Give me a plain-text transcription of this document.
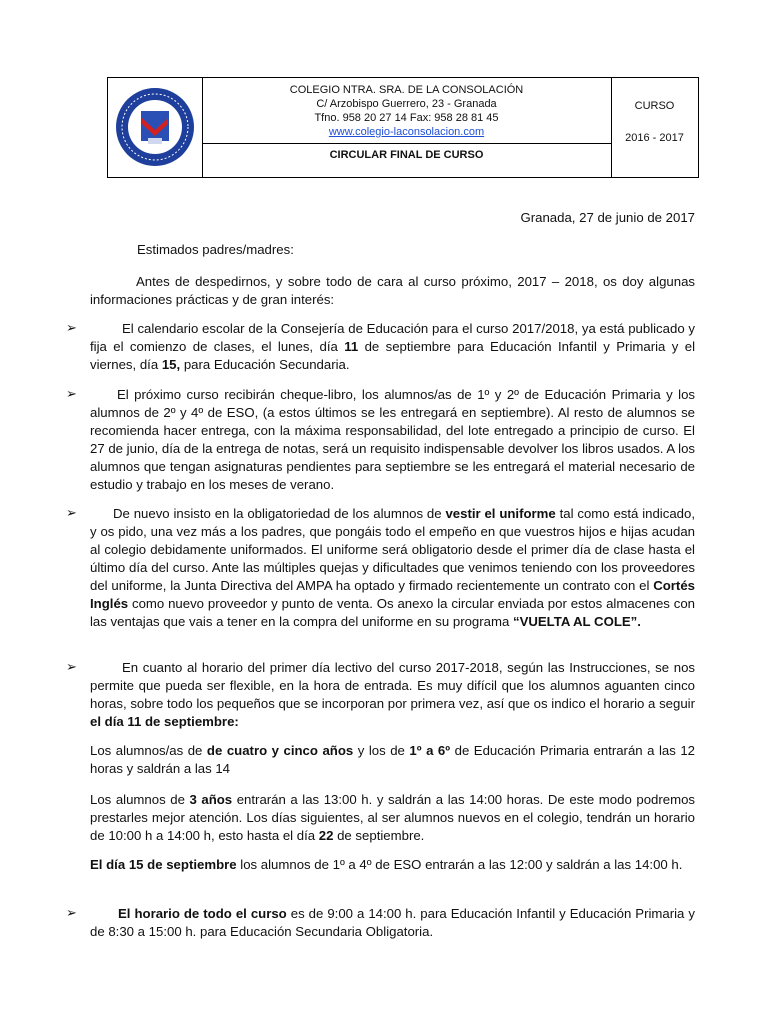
COLEGIO NTRA. SRA. DE LA CONSOLACIÓN
C/ Arzobispo Guerrero, 23 - Granada
Tfno. 958 20 27 14 Fax: 958 28 81 45
www.colegio-laconsolacion.com
CIRCULAR FINAL DE CURSO
CURSO
2016 - 2017
Granada, 27 de junio de 2017
Estimados padres/madres:
Antes de despedirnos, y sobre todo de cara al curso próximo, 2017 – 2018, os doy algunas informaciones prácticas y de gran interés:
➢	El calendario escolar de la Consejería de Educación para el curso 2017/2018, ya está publicado y fija el comienzo de clases, el lunes, día 11 de septiembre para Educación Infantil y Primaria y el viernes, día 15, para Educación Secundaria.
➢	El próximo curso recibirán cheque-libro, los alumnos/as de 1º y 2º de Educación Primaria y los alumnos de 2º y 4º de ESO, (a estos últimos se les entregará en septiembre). Al resto de alumnos se recomienda hacer entrega, con la máxima responsabilidad, del lote entregado a principio de curso. El 27 de junio, día de la entrega de notas, será un requisito indispensable devolver los libros usados. A los alumnos que tengan asignaturas pendientes para septiembre se les entregará el material necesario de estudio y trabajo en los meses de verano.
➢	De nuevo insisto en la obligatoriedad de los alumnos de vestir el uniforme tal como está indicado, y os pido, una vez más a los padres, que pongáis todo el empeño en que vuestros hijos e hijas acudan al colegio debidamente uniformados. El uniforme será obligatorio desde el primer día de clase hasta el último día del curso. Ante las múltiples quejas y dificultades que venimos teniendo con los proveedores del uniforme, la Junta Directiva del AMPA ha optado y firmado recientemente un contrato con el Cortés Inglés como nuevo proveedor y punto de venta. Os anexo la circular enviada por estos almacenes con las ventajas que vais a tener en la compra del uniforme en su programa “VUELTA AL COLE”.
➢	En cuanto al horario del primer día lectivo del curso 2017-2018, según las Instrucciones, se nos permite que pueda ser flexible, en la hora de entrada. Es muy difícil que los alumnos aguanten cinco horas, sobre todo los pequeños que se incorporan por primera vez, así que os indico el horario a seguir el día 11 de septiembre:
Los alumnos/as de de cuatro y cinco años y los de 1º a 6º de Educación Primaria entrarán a las 12 horas y saldrán a las 14
Los alumnos de 3 años entrarán a las 13:00 h. y saldrán a las 14:00 horas. De este modo podremos prestarles mejor atención. Los días siguientes, al ser alumnos nuevos en el colegio, tendrán un horario de 10:00 h a 14:00 h, esto hasta el día 22 de septiembre.
El día 15 de septiembre los alumnos de 1º a 4º de ESO entrarán a las 12:00 y saldrán a las 14:00 h.
➢	El horario de todo el curso es de 9:00 a 14:00 h. para Educación Infantil y Educación Primaria y de 8:30 a 15:00 h. para Educación Secundaria Obligatoria.
